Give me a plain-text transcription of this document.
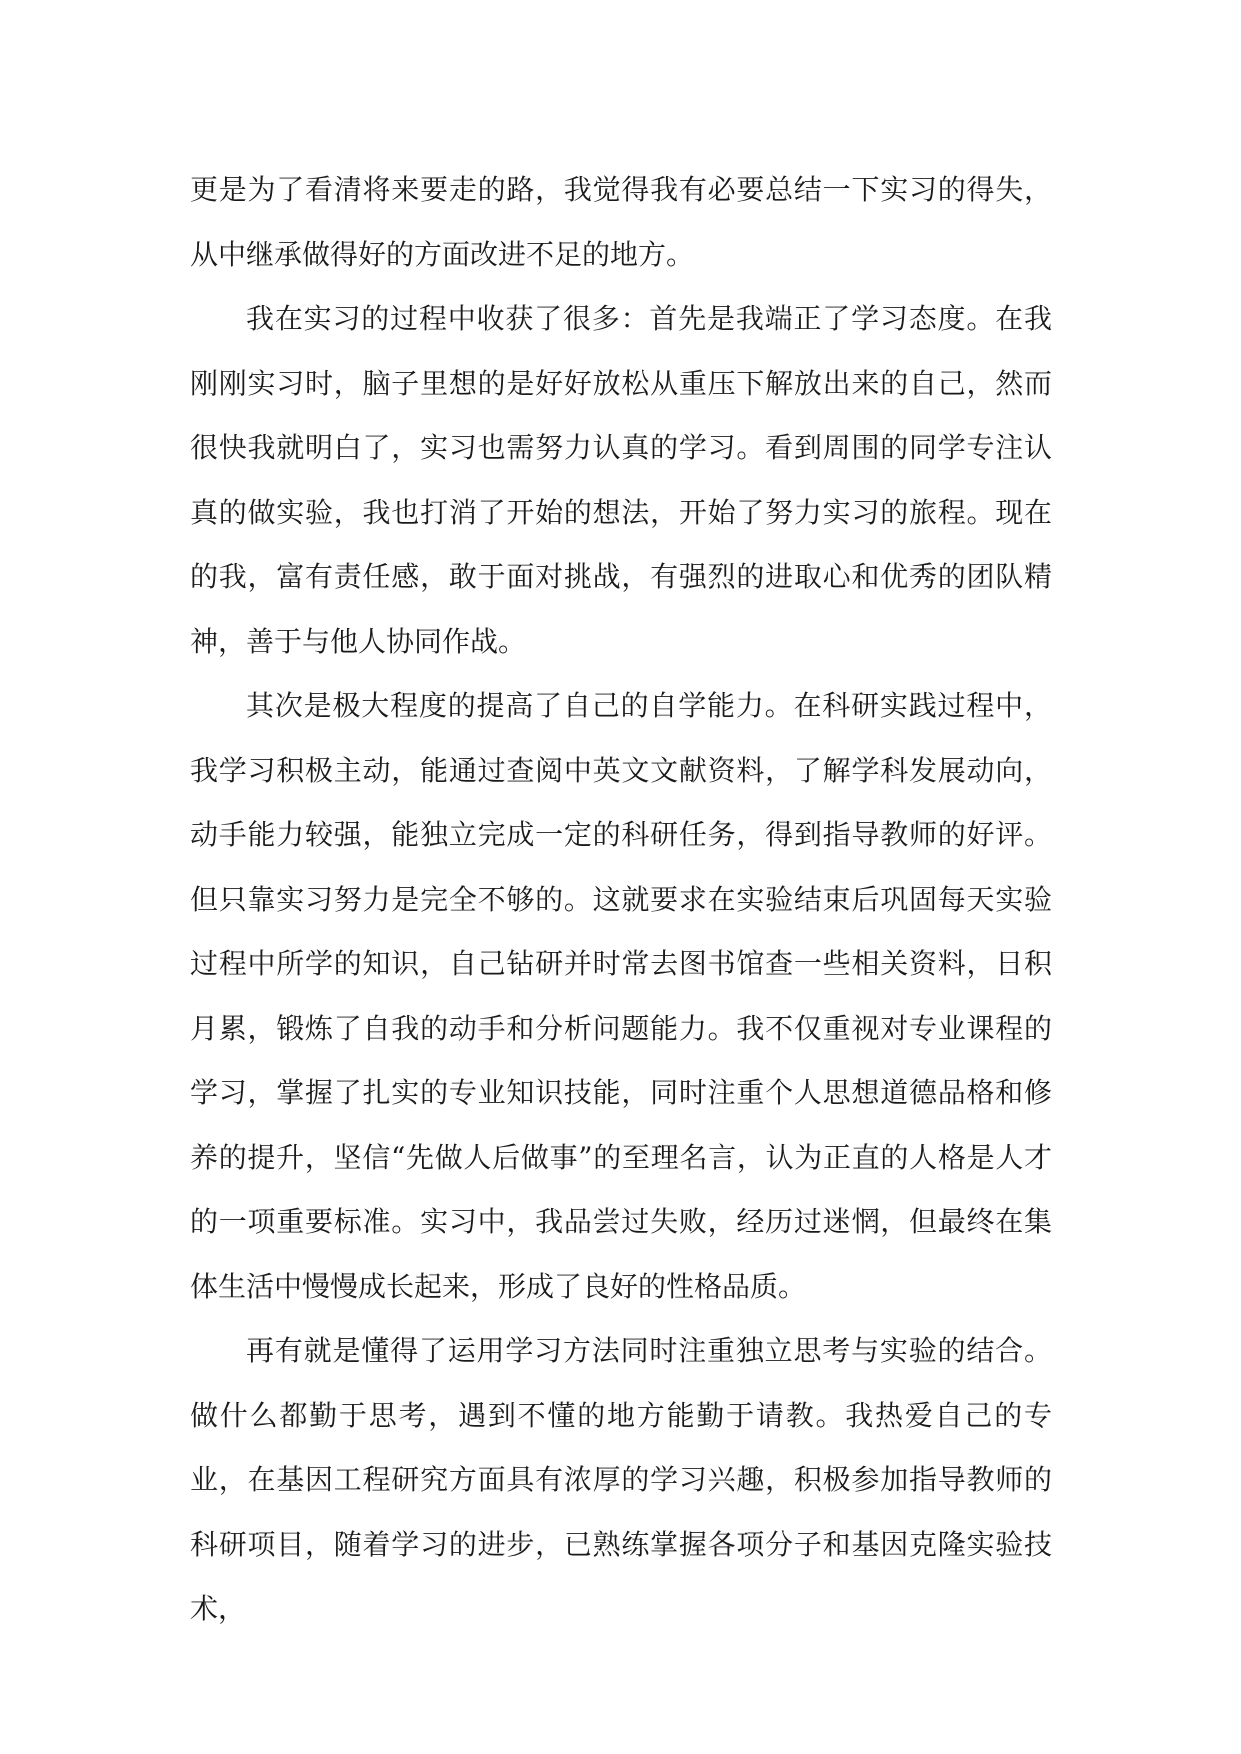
更是为了看清将来要走的路，我觉得我有必要总结一下实习的得失，从中继承做得好的方面改进不足的地方。

我在实习的过程中收获了很多：首先是我端正了学习态度。在我刚刚实习时，脑子里想的是好好放松从重压下解放出来的自己，然而很快我就明白了，实习也需努力认真的学习。看到周围的同学专注认真的做实验，我也打消了开始的想法，开始了努力实习的旅程。现在的我，富有责任感，敢于面对挑战，有强烈的进取心和优秀的团队精神，善于与他人协同作战。

其次是极大程度的提高了自己的自学能力。在科研实践过程中，我学习积极主动，能通过查阅中英文文献资料，了解学科发展动向，动手能力较强，能独立完成一定的科研任务，得到指导教师的好评。但只靠实习努力是完全不够的。这就要求在实验结束后巩固每天实验过程中所学的知识，自己钻研并时常去图书馆查一些相关资料，日积月累，锻炼了自我的动手和分析问题能力。我不仅重视对专业课程的学习，掌握了扎实的专业知识技能，同时注重个人思想道德品格和修养的提升，坚信“先做人后做事”的至理名言，认为正直的人格是人才的一项重要标准。实习中，我品尝过失败，经历过迷惘，但最终在集体生活中慢慢成长起来，形成了良好的性格品质。

再有就是懂得了运用学习方法同时注重独立思考与实验的结合。做什么都勤于思考，遇到不懂的地方能勤于请教。我热爱自己的专业，在基因工程研究方面具有浓厚的学习兴趣，积极参加指导教师的科研项目，随着学习的进步，已熟练掌握各项分子和基因克隆实验技术，
